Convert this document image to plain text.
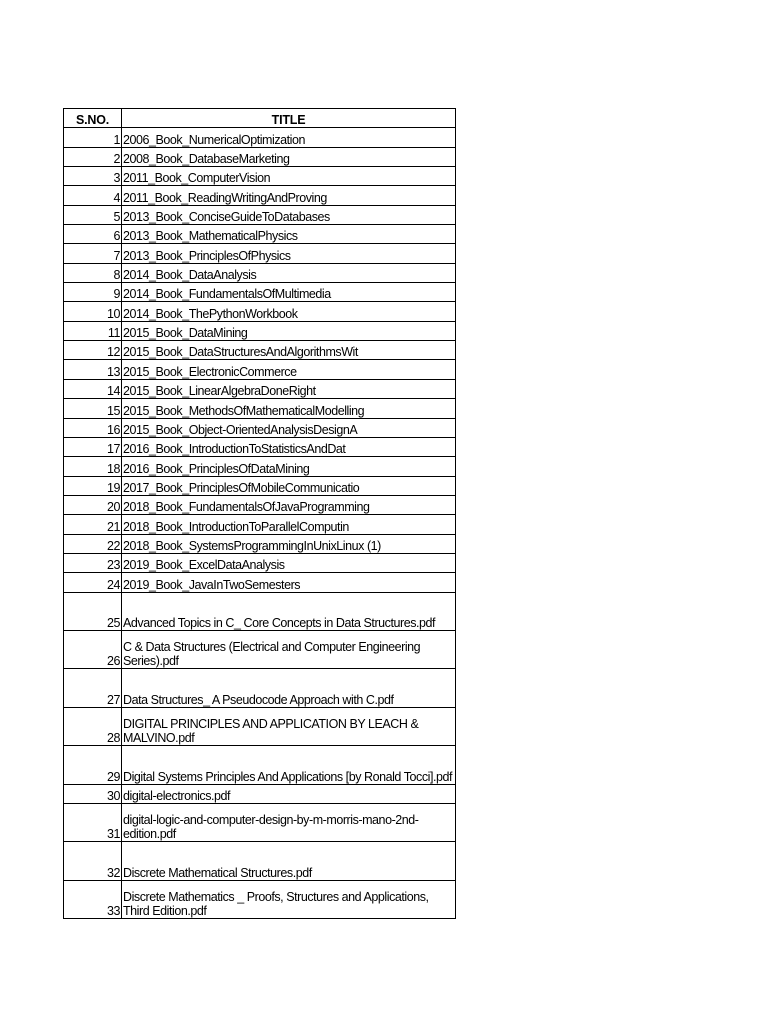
S.NO.	TITLE
1	2006_Book_NumericalOptimization
2	2008_Book_DatabaseMarketing
3	2011_Book_ComputerVision
4	2011_Book_ReadingWritingAndProving
5	2013_Book_ConciseGuideToDatabases
6	2013_Book_MathematicalPhysics
7	2013_Book_PrinciplesOfPhysics
8	2014_Book_DataAnalysis
9	2014_Book_FundamentalsOfMultimedia
10	2014_Book_ThePythonWorkbook
11	2015_Book_DataMining
12	2015_Book_DataStructuresAndAlgorithmsWit
13	2015_Book_ElectronicCommerce
14	2015_Book_LinearAlgebraDoneRight
15	2015_Book_MethodsOfMathematicalModelling
16	2015_Book_Object-OrientedAnalysisDesignA
17	2016_Book_IntroductionToStatisticsAndDat
18	2016_Book_PrinciplesOfDataMining
19	2017_Book_PrinciplesOfMobileCommunicatio
20	2018_Book_FundamentalsOfJavaProgramming
21	2018_Book_IntroductionToParallelComputin
22	2018_Book_SystemsProgrammingInUnixLinux (1)
23	2019_Book_ExcelDataAnalysis
24	2019_Book_JavaInTwoSemesters
25	Advanced Topics in C_ Core Concepts in Data Structures.pdf
26	C & Data Structures (Electrical and Computer Engineering Series).pdf
27	Data Structures_ A Pseudocode Approach with C.pdf
28	DIGITAL PRINCIPLES AND APPLICATION BY LEACH & MALVINO.pdf
29	Digital Systems Principles And Applications [by Ronald Tocci].pdf
30	digital-electronics.pdf
31	digital-logic-and-computer-design-by-m-morris-mano-2nd-edition.pdf
32	Discrete Mathematical Structures.pdf
33	Discrete Mathematics _ Proofs, Structures and Applications, Third Edition.pdf
